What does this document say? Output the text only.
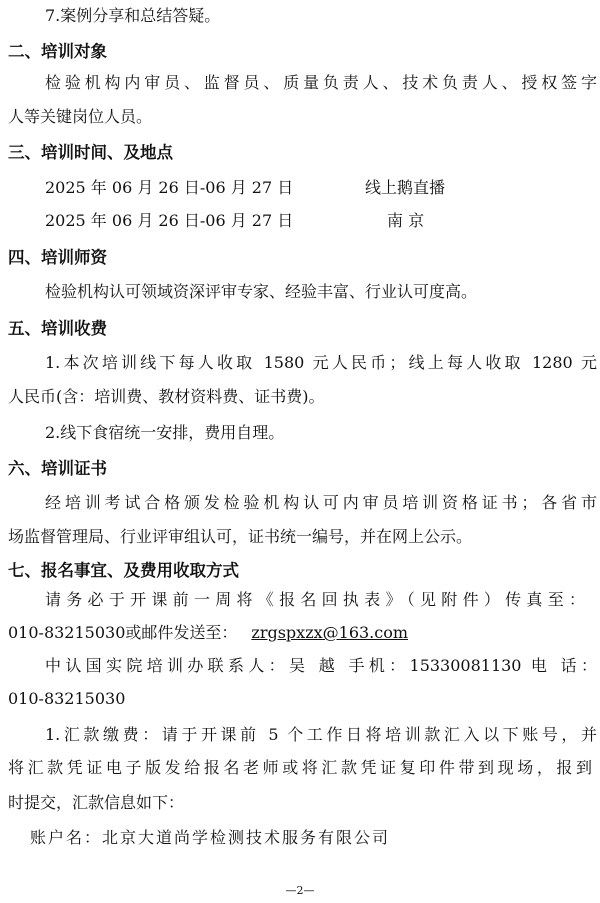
7.案例分享和总结答疑。
二、培训对象
检验机构内审员、监督员、质量负责人、技术负责人、授权签字
人等关键岗位人员。
三、培训时间、及地点
2025 年 06 月 26 日-06 月 27 日	线上鹅直播
2025 年 06 月 26 日-06 月 27 日	南 京
四、培训师资
检验机构认可领域资深评审专家、经验丰富、行业认可度高。
五、培训收费
1.本次培训线下每人收取 1580 元人民币；线上每人收取 1280 元
人民币(含：培训费、教材资料费、证书费)。
2.线下食宿统一安排，费用自理。
六、培训证书
经培训考试合格颁发检验机构认可内审员培训资格证书；各省市
场监督管理局、行业评审组认可，证书统一编号，并在网上公示。
七、报名事宜、及费用收取方式
请务必于开课前一周将《报名回执表》（见附件）传真至：
010-83215030或邮件发送至： zrgspxzx@163.com
中认国实院培训办联系人：吴 越 手机：15330081130 电 话：
010-83215030
1.汇款缴费：请于开课前 5 个工作日将培训款汇入以下账号，并
将汇款凭证电子版发给报名老师或将汇款凭证复印件带到现场，报到
时提交，汇款信息如下：
账户名：北京大道尚学检测技术服务有限公司
—2—
